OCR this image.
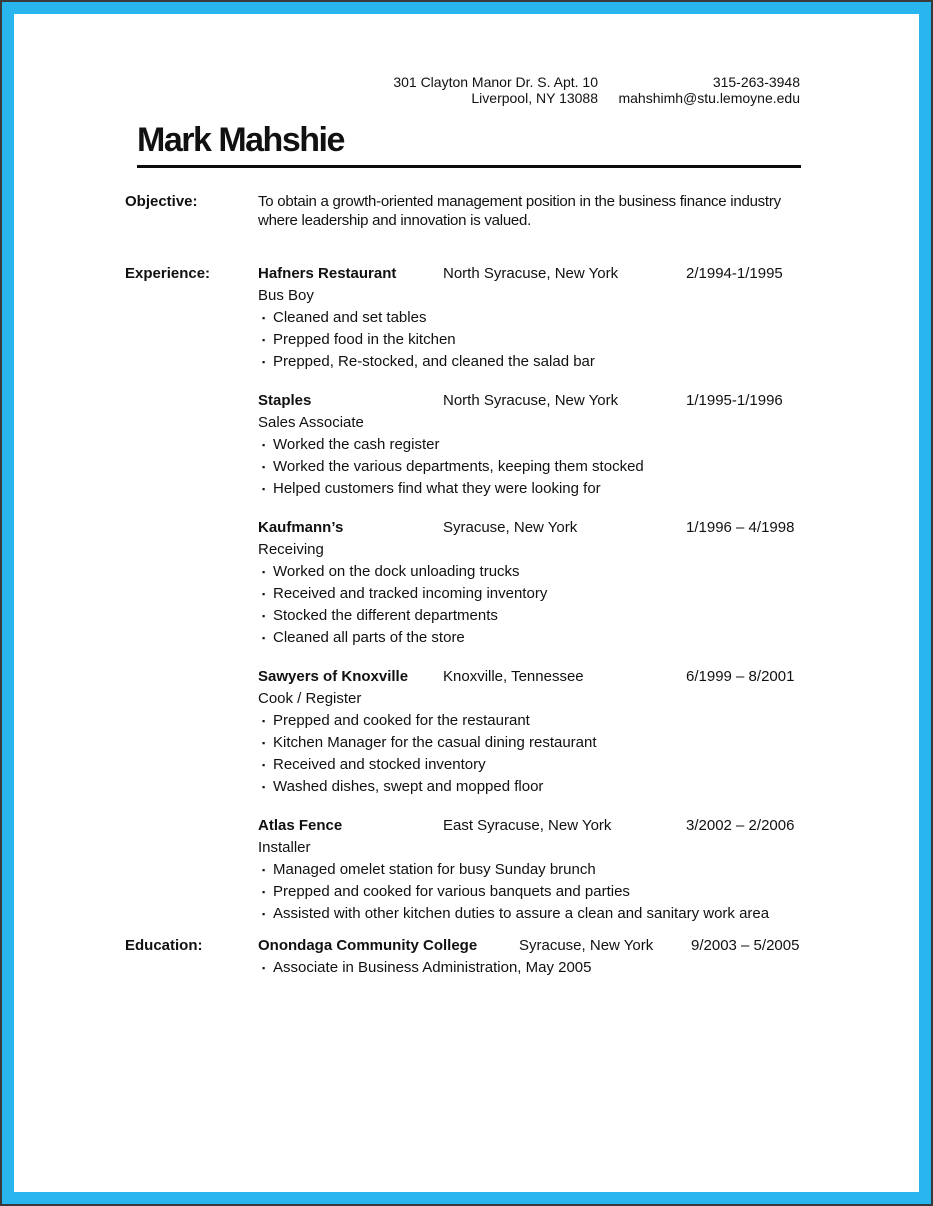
301 Clayton Manor Dr. S. Apt. 10
Liverpool, NY 13088
315-263-3948
mahshimh@stu.lemoyne.edu
Mark Mahshie
Objective:	To obtain a growth-oriented management position in the business finance industry where leadership and innovation is valued.
Experience:	Hafners Restaurant	North Syracuse, New York	2/1994-1/1995
Bus Boy
▪ Cleaned and set tables
▪ Prepped food in the kitchen
▪ Prepped, Re-stocked, and cleaned the salad bar
Staples	North Syracuse, New York	1/1995-1/1996
Sales Associate
▪ Worked the cash register
▪ Worked the various departments, keeping them stocked
▪ Helped customers find what they were looking for
Kaufmann’s	Syracuse, New York	1/1996 – 4/1998
Receiving
▪ Worked on the dock unloading trucks
▪ Received and tracked incoming inventory
▪ Stocked the different departments
▪ Cleaned all parts of the store
Sawyers of Knoxville	Knoxville, Tennessee	6/1999 – 8/2001
Cook / Register
▪ Prepped and cooked for the restaurant
▪ Kitchen Manager for the casual dining restaurant
▪ Received and stocked inventory
▪ Washed dishes, swept and mopped floor
Atlas Fence	East Syracuse, New York	3/2002 – 2/2006
Installer
▪ Managed omelet station for busy Sunday brunch
▪ Prepped and cooked for various banquets and parties
▪ Assisted with other kitchen duties to assure a clean and sanitary work area
Education:	Onondaga Community College	Syracuse, New York	9/2003 – 5/2005
▪ Associate in Business Administration, May 2005
